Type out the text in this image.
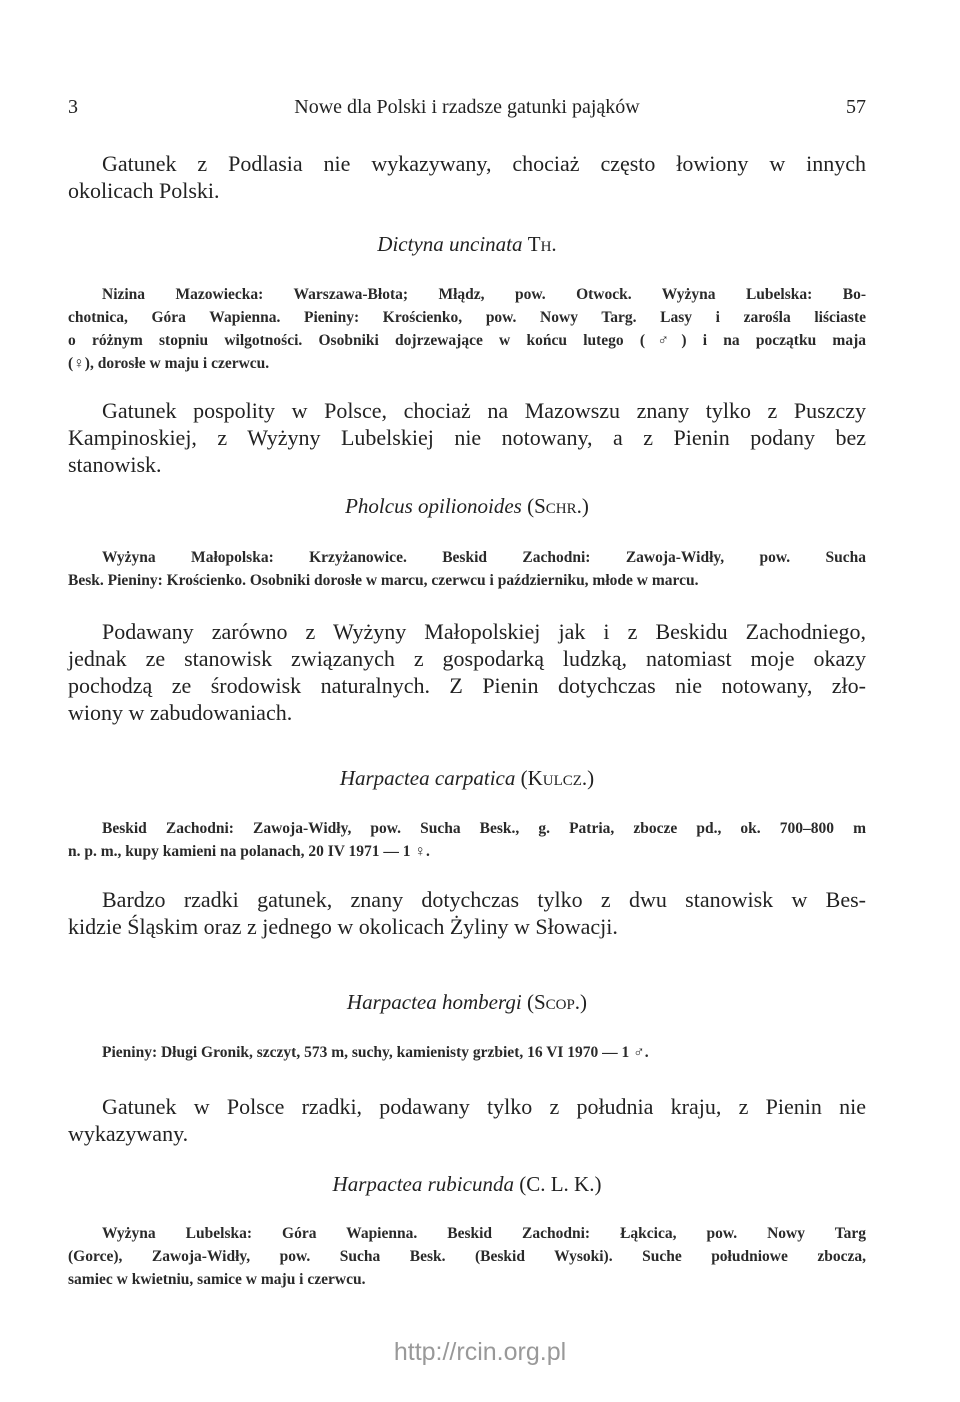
3	Nowe dla Polski i rzadsze gatunki pająków	57
Gatunek z Podlasia nie wykazywany, chociaż często łowiony w innych
okolicach Polski.
Dictyna uncinata Th.
Nizina Mazowiecka: Warszawa-Błota; Młądz, pow. Otwock. Wyżyna Lubelska: Bo-
chotnica, Góra Wapienna. Pieniny: Krościenko, pow. Nowy Targ. Lasy i zarośla liściaste
o różnym stopniu wilgotności. Osobniki dojrzewające w końcu lutego (♂) i na początku maja
(♀), dorosłe w maju i czerwcu.
Gatunek pospolity w Polsce, chociaż na Mazowszu znany tylko z Puszczy
Kampinoskiej, z Wyżyny Lubelskiej nie notowany, a z Pienin podany bez
stanowisk.
Pholcus opilionoides (Schr.)
Wyżyna Małopolska: Krzyżanowice. Beskid Zachodni: Zawoja-Widły, pow. Sucha
Besk. Pieniny: Krościenko. Osobniki dorosłe w marcu, czerwcu i październiku, młode w marcu.
Podawany zarówno z Wyżyny Małopolskiej jak i z Beskidu Zachodniego,
jednak ze stanowisk związanych z gospodarką ludzką, natomiast moje okazy
pochodzą ze środowisk naturalnych. Z Pienin dotychczas nie notowany, zło-
wiony w zabudowaniach.
Harpactea carpatica (Kulcz.)
Beskid Zachodni: Zawoja-Widły, pow. Sucha Besk., g. Patria, zbocze pd., ok. 700–800 m
n. p. m., kupy kamieni na polanach, 20 IV 1971 — 1 ♀.
Bardzo rzadki gatunek, znany dotychczas tylko z dwu stanowisk w Bes-
kidzie Śląskim oraz z jednego w okolicach Żyliny w Słowacji.
Harpactea hombergi (Scop.)
Pieniny: Długi Gronik, szczyt, 573 m, suchy, kamienisty grzbiet, 16 VI 1970 — 1 ♂.
Gatunek w Polsce rzadki, podawany tylko z południa kraju, z Pienin nie
wykazywany.
Harpactea rubicunda (C. L. K.)
Wyżyna Lubelska: Góra Wapienna. Beskid Zachodni: Łąkcica, pow. Nowy Targ
(Gorce), Zawoja-Widły, pow. Sucha Besk. (Beskid Wysoki). Suche południowe zbocza,
samiec w kwietniu, samice w maju i czerwcu.
http://rcin.org.pl
